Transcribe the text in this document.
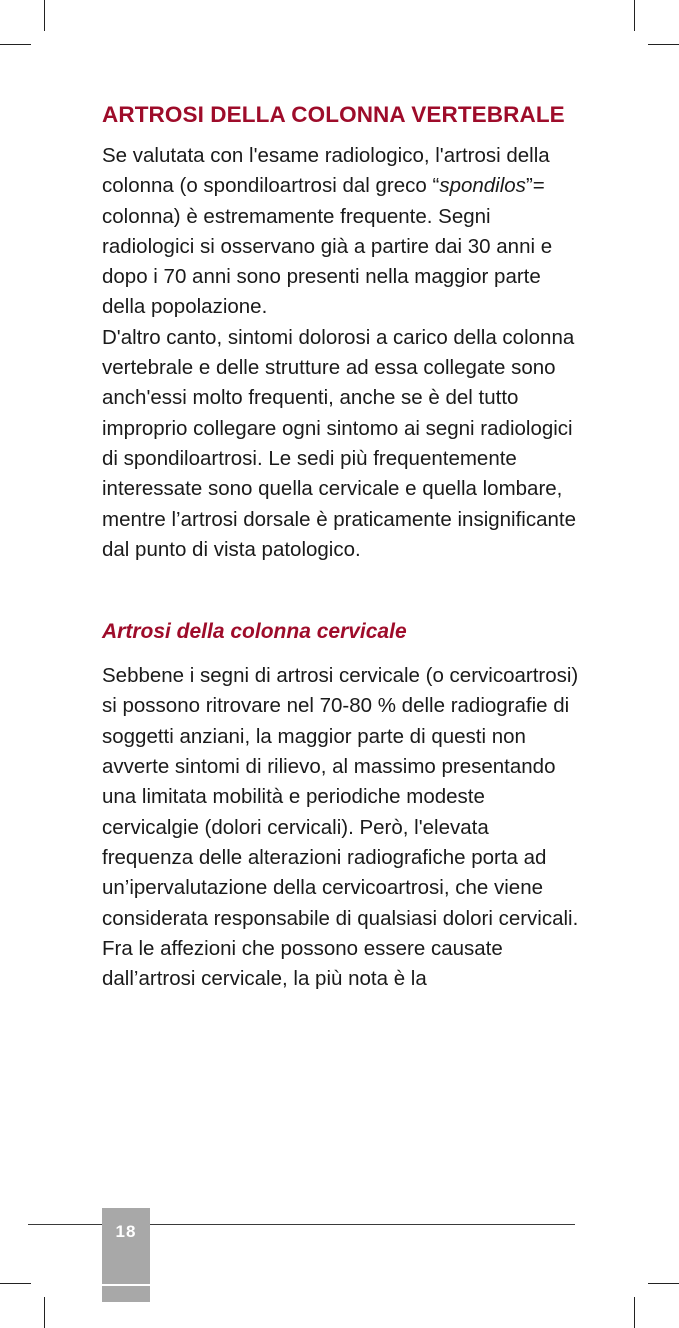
ARTROSI DELLA COLONNA VERTEBRALE

Se valutata con l'esame radiologico, l'artrosi della colonna (o spondiloartrosi dal greco “spondilos”= colonna) è estremamente frequente. Segni radiologici si osservano già a partire dai 30 anni e dopo i 70 anni sono presenti nella maggior parte della popolazione.

D'altro canto, sintomi dolorosi a carico della colonna vertebrale e delle strutture ad essa collegate sono anch'essi molto frequenti, anche se è del tutto improprio collegare ogni sintomo ai segni radiologici di spondiloartrosi. Le sedi più frequentemente interessate sono quella cervicale e quella lombare, mentre l’artrosi dorsale è praticamente insignificante dal punto di vista patologico.

Artrosi della colonna cervicale

Sebbene i segni di artrosi cervicale (o cervicoartrosi) si possono ritrovare nel 70-80 % delle radiografie di soggetti anziani, la maggior parte di questi non avverte sintomi di rilievo, al massimo presentando una limitata mobilità e periodiche modeste cervicalgie (dolori cervicali). Però, l'elevata frequenza delle alterazioni radiografiche porta ad un’ipervalutazione della cervicoartrosi, che viene considerata responsabile di qualsiasi dolori cervicali.

Fra le affezioni che possono essere causate dall’artrosi cervicale, la più nota è la

18
